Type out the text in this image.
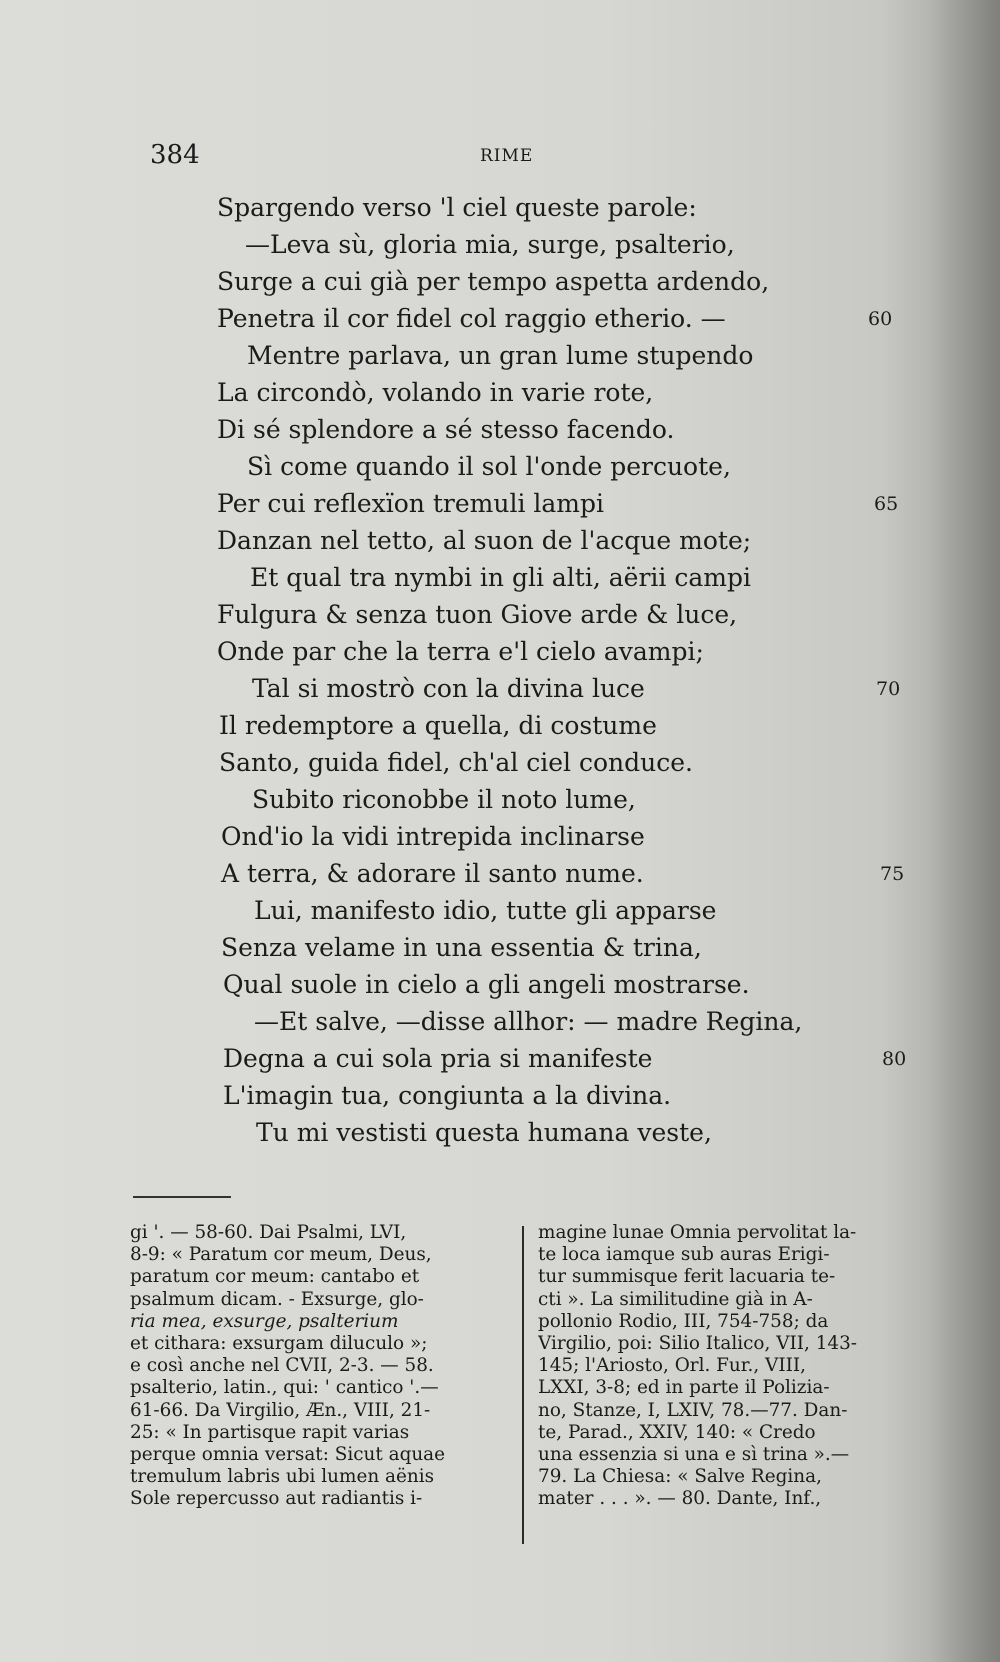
384	RIME
Spargendo verso 'l ciel queste parole:
—Leva sù, gloria mia, surge, psalterio,
Surge a cui già per tempo aspetta ardendo,
Penetra il cor fidel col raggio etherio. —	60
Mentre parlava, un gran lume stupendo
La circondò, volando in varie rote,
Di sé splendore a sé stesso facendo.
Sì come quando il sol l'onde percuote,
Per cui reflexïon tremuli lampi	65
Danzan nel tetto, al suon de l'acque mote;
Et qual tra nymbi in gli alti, aërii campi
Fulgura & senza tuon Giove arde & luce,
Onde par che la terra e'l cielo avampi;
Tal si mostrò con la divina luce	70
Il redemptore a quella, di costume
Santo, guida fidel, ch'al ciel conduce.
Subito riconobbe il noto lume,
Ond'io la vidi intrepida inclinarse
A terra, & adorare il santo nume.	75
Lui, manifesto idio, tutte gli apparse
Senza velame in una essentia & trina,
Qual suole in cielo a gli angeli mostrarse.
—Et salve, —disse allhor: — madre Regina,
Degna a cui sola pria si manifeste	80
L'imagin tua, congiunta a la divina.
Tu mi vestisti questa humana veste,
gi '. — 58-60. Dai Psalmi, LVI,
8-9: « Paratum cor meum, Deus,
paratum cor meum: cantabo et
psalmum dicam. - Exsurge, glo-
ria mea, exsurge, psalterium
et cithara: exsurgam diluculo »;
e così anche nel CVII, 2-3. — 58.
psalterio, latin., qui: ' cantico '.—
61-66. Da Virgilio, Æn., VIII, 21-
25: « In partisque rapit varias
perque omnia versat: Sicut aquae
tremulum labris ubi lumen aënis
Sole repercusso aut radiantis i-
magine lunae Omnia pervolitat la-
te loca iamque sub auras Erigi-
tur summisque ferit lacuaria te-
cti ». La similitudine già in A-
pollonio Rodio, III, 754-758; da
Virgilio, poi: Silio Italico, VII, 143-
145; l'Ariosto, Orl. Fur., VIII,
LXXI, 3-8; ed in parte il Polizia-
no, Stanze, I, LXIV, 78.—77. Dan-
te, Parad., XXIV, 140: « Credo
una essenzia si una e sì trina ».—
79. La Chiesa: « Salve Regina,
mater . . . ». — 80. Dante, Inf.,
